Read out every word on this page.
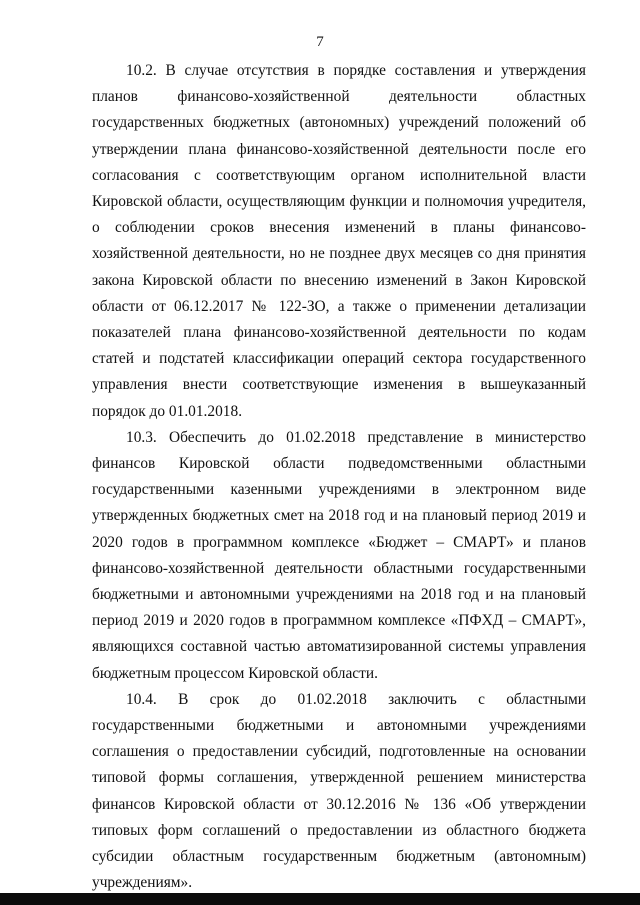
7

10.2. В случае отсутствия в порядке составления и утверждения планов финансово-хозяйственной деятельности областных государственных бюджетных (автономных) учреждений положений об утверждении плана финансово-хозяйственной деятельности после его согласования с соответствующим органом исполнительной власти Кировской области, осуществляющим функции и полномочия учредителя, о соблюдении сроков внесения изменений в планы финансово-хозяйственной деятельности, но не позднее двух месяцев со дня принятия закона Кировской области по внесению изменений в Закон Кировской области от 06.12.2017 № 122-ЗО, а также о применении детализации показателей плана финансово-хозяйственной деятельности по кодам статей и подстатей классификации операций сектора государственного управления внести соответствующие изменения в вышеуказанный порядок до 01.01.2018.

10.3. Обеспечить до 01.02.2018 представление в министерство финансов Кировской области подведомственными областными государственными казенными учреждениями в электронном виде утвержденных бюджетных смет на 2018 год и на плановый период 2019 и 2020 годов в программном комплексе «Бюджет – СМАРТ» и планов финансово-хозяйственной деятельности областными государственными бюджетными и автономными учреждениями на 2018 год и на плановый период 2019 и 2020 годов в программном комплексе «ПФХД – СМАРТ», являющихся составной частью автоматизированной системы управления бюджетным процессом Кировской области.

10.4. В срок до 01.02.2018 заключить с областными государственными бюджетными и автономными учреждениями соглашения о предоставлении субсидий, подготовленные на основании типовой формы соглашения, утвержденной решением министерства финансов Кировской области от 30.12.2016 № 136 «Об утверждении типовых форм соглашений о предоставлении из областного бюджета субсидии областным государственным бюджетным (автономным) учреждениям».
